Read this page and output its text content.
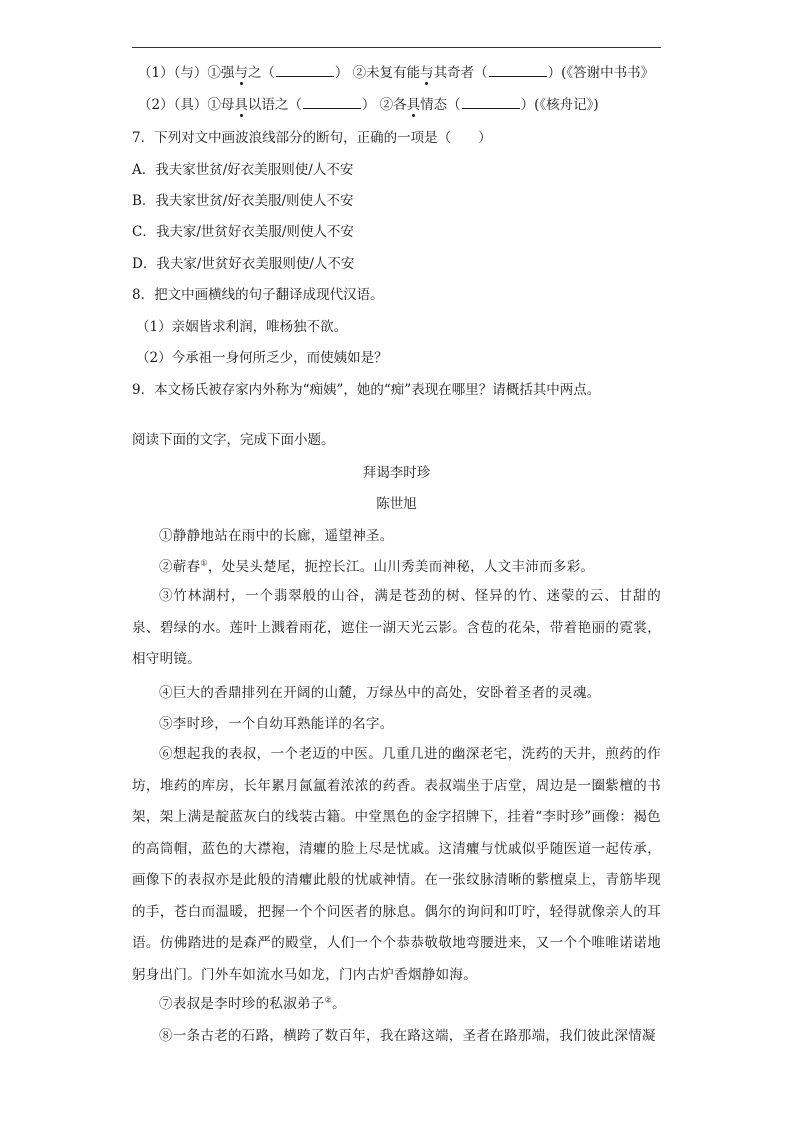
（1）（与）①强与之（	） ②未复有能与其奇者（	）(《答谢中书书》
（2）（具）①母具以语之（	） ②各具情态（	）(《核舟记》)
7．下列对文中画波浪线部分的断句，正确的一项是（　　）
A．我夫家世贫/好衣美服则使/人不安
B．我夫家世贫/好衣美服/则使人不安
C．我夫家/世贫好衣美服/则使人不安
D．我夫家/世贫好衣美服则使/人不安
8．把文中画横线的句子翻译成现代汉语。
（1）亲姻皆求利润，唯杨独不欲。
（2）今承祖一身何所乏少，而使姨如是？
9．本文杨氏被存家内外称为“痴姨”，她的“痴”表现在哪里？请概括其中两点。
阅读下面的文字，完成下面小题。
拜谒李时珍
陈世旭
①静静地站在雨中的长廊，遥望神圣。
②蕲春①，处吴头楚尾，扼控长江。山川秀美而神秘，人文丰沛而多彩。
③竹林湖村，一个翡翠般的山谷，满是苍劲的树、怪异的竹、迷蒙的云、甘甜的泉、碧绿的水。莲叶上溅着雨花，遮住一湖天光云影。含苞的花朵，带着艳丽的霓裳，相守明镜。
④巨大的香鼎排列在开阔的山麓，万绿丛中的高处，安卧着圣者的灵魂。
⑤李时珍，一个自幼耳熟能详的名字。
⑥想起我的表叔，一个老迈的中医。几重几进的幽深老宅，洗药的天井，煎药的作坊，堆药的库房，长年累月氤氲着浓浓的药香。表叔端坐于店堂，周边是一圈紫檀的书架，架上满是靛蓝灰白的线装古籍。中堂黑色的金字招牌下，挂着“李时珍”画像：褐色的高筒帽，蓝色的大襟袍，清癯的脸上尽是忧戚。这清癯与忧戚似乎随医道一起传承，画像下的表叔亦是此般的清癯此般的忧戚神情。在一张纹脉清晰的紫檀桌上，青筋毕现的手，苍白而温暖，把握一个个问医者的脉息。偶尔的询问和叮咛，轻得就像亲人的耳语。仿佛踏进的是森严的殿堂，人们一个个恭恭敬敬地弯腰进来，又一个个唯唯诺诺地躬身出门。门外车如流水马如龙，门内古炉香烟静如海。
⑦表叔是李时珍的私淑弟子②。
⑧一条古老的石路，横跨了数百年，我在路这端，圣者在路那端，我们彼此深情凝
